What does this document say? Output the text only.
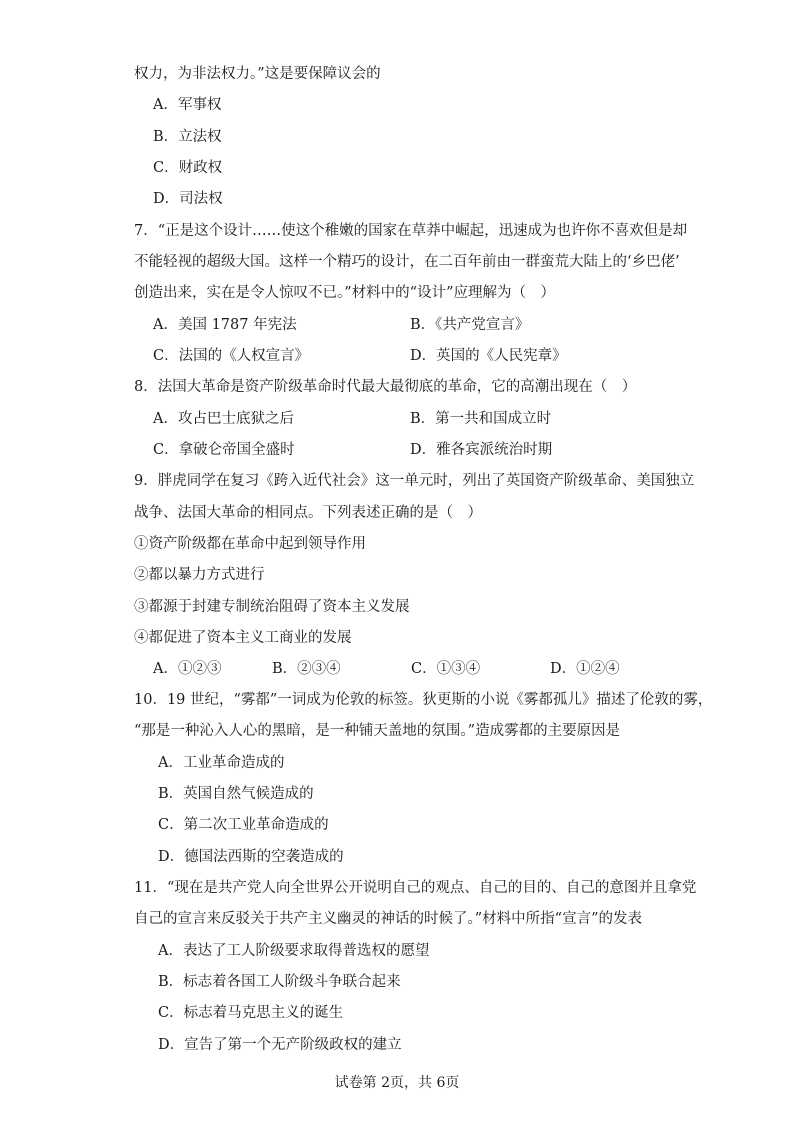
权力，为非法权力。”这是要保障议会的
A．军事权
B．立法权
C．财政权
D．司法权
7．“正是这个设计……使这个稚嫩的国家在草莽中崛起，迅速成为也许你不喜欢但是却
不能轻视的超级大国。这样一个精巧的设计，在二百年前由一群蛮荒大陆上的‘乡巴佬’
创造出来，实在是令人惊叹不已。”材料中的“设计”应理解为（　）
A．美国 1787 年宪法	B．《共产党宣言》
C．法国的《人权宣言》	D．英国的《人民宪章》
8．法国大革命是资产阶级革命时代最大最彻底的革命，它的高潮出现在（　）
A．攻占巴士底狱之后	B．第一共和国成立时
C．拿破仑帝国全盛时	D．雅各宾派统治时期
9．胖虎同学在复习《跨入近代社会》这一单元时，列出了英国资产阶级革命、美国独立
战争、法国大革命的相同点。下列表述正确的是（　）
①资产阶级都在革命中起到领导作用
②都以暴力方式进行
③都源于封建专制统治阻碍了资本主义发展
④都促进了资本主义工商业的发展
A．①②③	B．②③④	C．①③④	D．①②④
10．19 世纪，“雾都”一词成为伦敦的标签。狄更斯的小说《雾都孤儿》描述了伦敦的雾，
“那是一种沁入人心的黑暗，是一种铺天盖地的氛围。”造成雾都的主要原因是
A．工业革命造成的
B．英国自然气候造成的
C．第二次工业革命造成的
D．德国法西斯的空袭造成的
11．“现在是共产党人向全世界公开说明自己的观点、自己的目的、自己的意图并且拿党
自己的宣言来反驳关于共产主义幽灵的神话的时候了。”材料中所指“宣言”的发表
A．表达了工人阶级要求取得普选权的愿望
B．标志着各国工人阶级斗争联合起来
C．标志着马克思主义的诞生
D．宣告了第一个无产阶级政权的建立
试卷第 2页，共 6页
